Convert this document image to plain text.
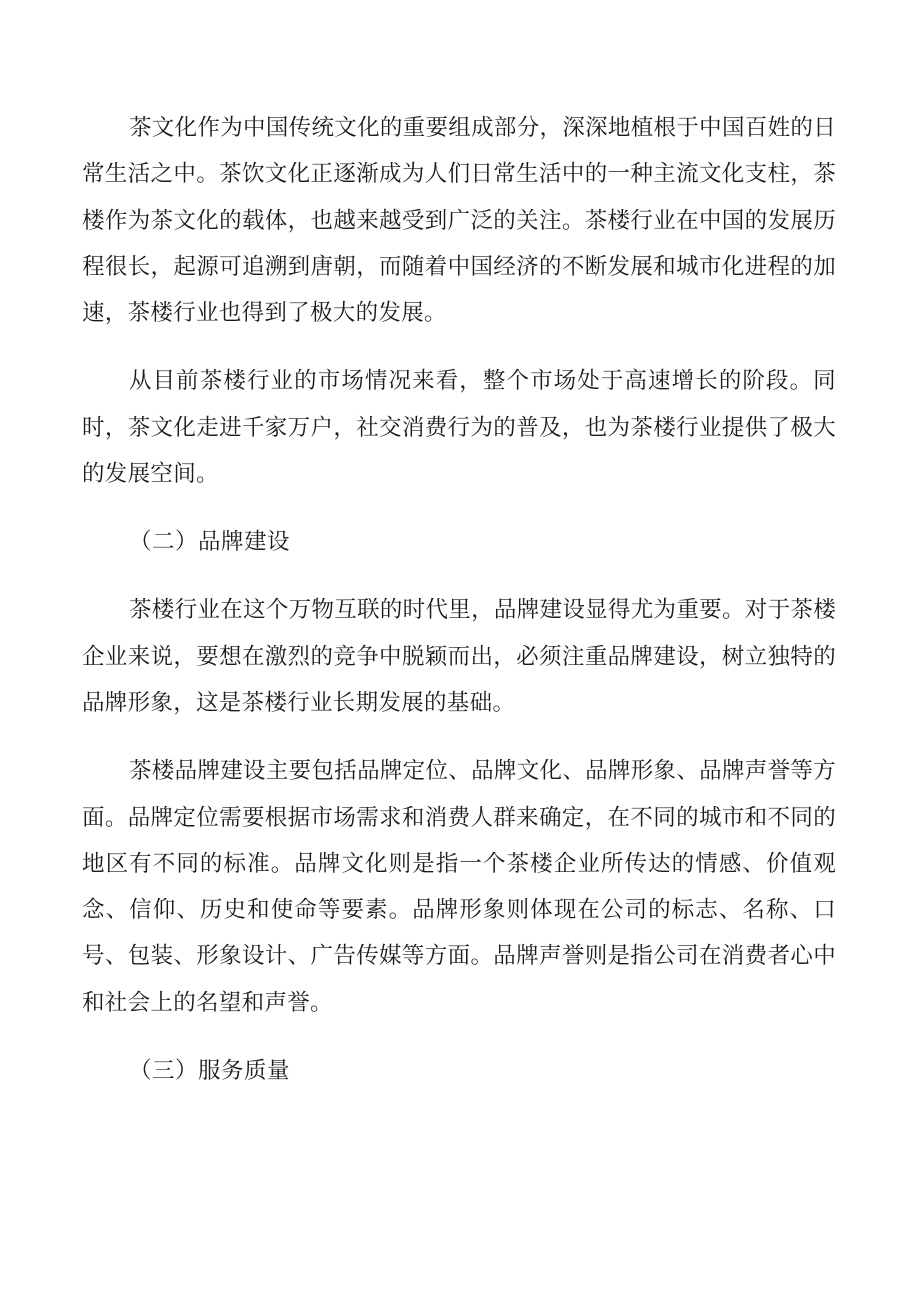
茶文化作为中国传统文化的重要组成部分，深深地植根于中国百姓的日常生活之中。茶饮文化正逐渐成为人们日常生活中的一种主流文化支柱，茶楼作为茶文化的载体，也越来越受到广泛的关注。茶楼行业在中国的发展历程很长，起源可追溯到唐朝，而随着中国经济的不断发展和城市化进程的加速，茶楼行业也得到了极大的发展。

从目前茶楼行业的市场情况来看，整个市场处于高速增长的阶段。同时，茶文化走进千家万户，社交消费行为的普及，也为茶楼行业提供了极大的发展空间。

（二）品牌建设

茶楼行业在这个万物互联的时代里，品牌建设显得尤为重要。对于茶楼企业来说，要想在激烈的竞争中脱颖而出，必须注重品牌建设，树立独特的品牌形象，这是茶楼行业长期发展的基础。

茶楼品牌建设主要包括品牌定位、品牌文化、品牌形象、品牌声誉等方面。品牌定位需要根据市场需求和消费人群来确定，在不同的城市和不同的地区有不同的标准。品牌文化则是指一个茶楼企业所传达的情感、价值观念、信仰、历史和使命等要素。品牌形象则体现在公司的标志、名称、口号、包装、形象设计、广告传媒等方面。品牌声誉则是指公司在消费者心中和社会上的名望和声誉。

（三）服务质量
